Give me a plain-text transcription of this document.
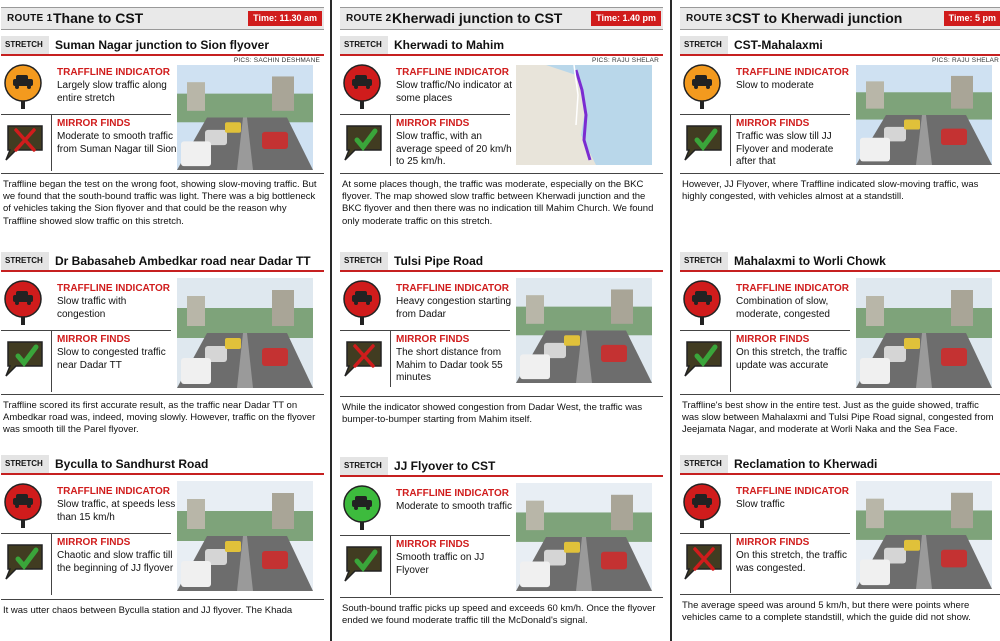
ROUTE 1 Thane to CST	Time: 11.30 am
STRETCH	Suman Nagar junction to Sion flyover
PICS: SACHIN DESHMANE
TRAFFLINE INDICATOR
Largely slow traffic along entire stretch
MIRROR FINDS
Moderate to smooth traffic from Suman Nagar till Sion

Traffline began the test on the wrong foot, showing slow-moving traffic. But we found that the south-bound traffic was light. There was a big bottleneck of vehicles taking the Sion flyover and that could be the reason why Traffline showed slow traffic on this stretch.

STRETCH	Dr Babasaheb Ambedkar road near Dadar TT
TRAFFLINE INDICATOR
Slow traffic with congestion
MIRROR FINDS
Slow to congested traffic near Dadar TT

Traffline scored its first accurate result, as the traffic near Dadar TT on Ambedkar road was, indeed, moving slowly. However, traffic on the flyover was smooth till the Parel flyover.

STRETCH	Byculla to Sandhurst Road
TRAFFLINE INDICATOR
Slow traffic, at speeds less than 15 km/h
MIRROR FINDS
Chaotic and slow traffic till the beginning of JJ flyover

It was utter chaos between Byculla station and JJ flyover. The Khada

ROUTE 2 Kherwadi junction to CST	Time: 1.40 pm
STRETCH	Kherwadi to Mahim
PICS: RAJU SHELAR
TRAFFLINE INDICATOR
Slow traffic/No indicator at some places
MIRROR FINDS
Slow traffic, with an average speed of 20 km/h to 25 km/h.

At some places though, the traffic was moderate, especially on the BKC flyover. The map showed slow traffic between Kherwadi junction and the BKC flyover and then there was no indication till Mahim Church. We found only moderate traffic on this stretch.

STRETCH	Tulsi Pipe Road
TRAFFLINE INDICATOR
Heavy congestion starting from Dadar
MIRROR FINDS
The short distance from Mahim to Dadar took 55 minutes

While the indicator showed congestion from Dadar West, the traffic was bumper-to-bumper starting from Mahim itself.

STRETCH	JJ Flyover to CST
TRAFFLINE INDICATOR
Moderate to smooth traffic
MIRROR FINDS
Smooth traffic on JJ Flyover

South-bound traffic picks up speed and exceeds 60 km/h. Once the flyover ended we found moderate traffic till the McDonald's signal.

ROUTE 3 CST to Kherwadi junction	Time: 5 pm
STRETCH	CST-Mahalaxmi
PICS: RAJU SHELAR
TRAFFLINE INDICATOR
Slow to moderate
MIRROR FINDS
Traffic was slow till JJ Flyover and moderate after that

However, JJ Flyover, where Traffline indicated slow-moving traffic, was highly congested, with vehicles almost at a standstill.

STRETCH	Mahalaxmi to Worli Chowk
TRAFFLINE INDICATOR
Combination of slow, moderate, congested
MIRROR FINDS
On this stretch, the traffic update was accurate

Traffline's best show in the entire test. Just as the guide showed, traffic was slow between Mahalaxmi and Tulsi Pipe Road signal, congested from Jeejamata Nagar, and moderate at Worli Naka and the Sea Face.

STRETCH	Reclamation to Kherwadi
TRAFFLINE INDICATOR
Slow traffic
MIRROR FINDS
On this stretch, the traffic was congested.

The average speed was around 5 km/h, but there were points where vehicles came to a complete standstill, which the guide did not show.
